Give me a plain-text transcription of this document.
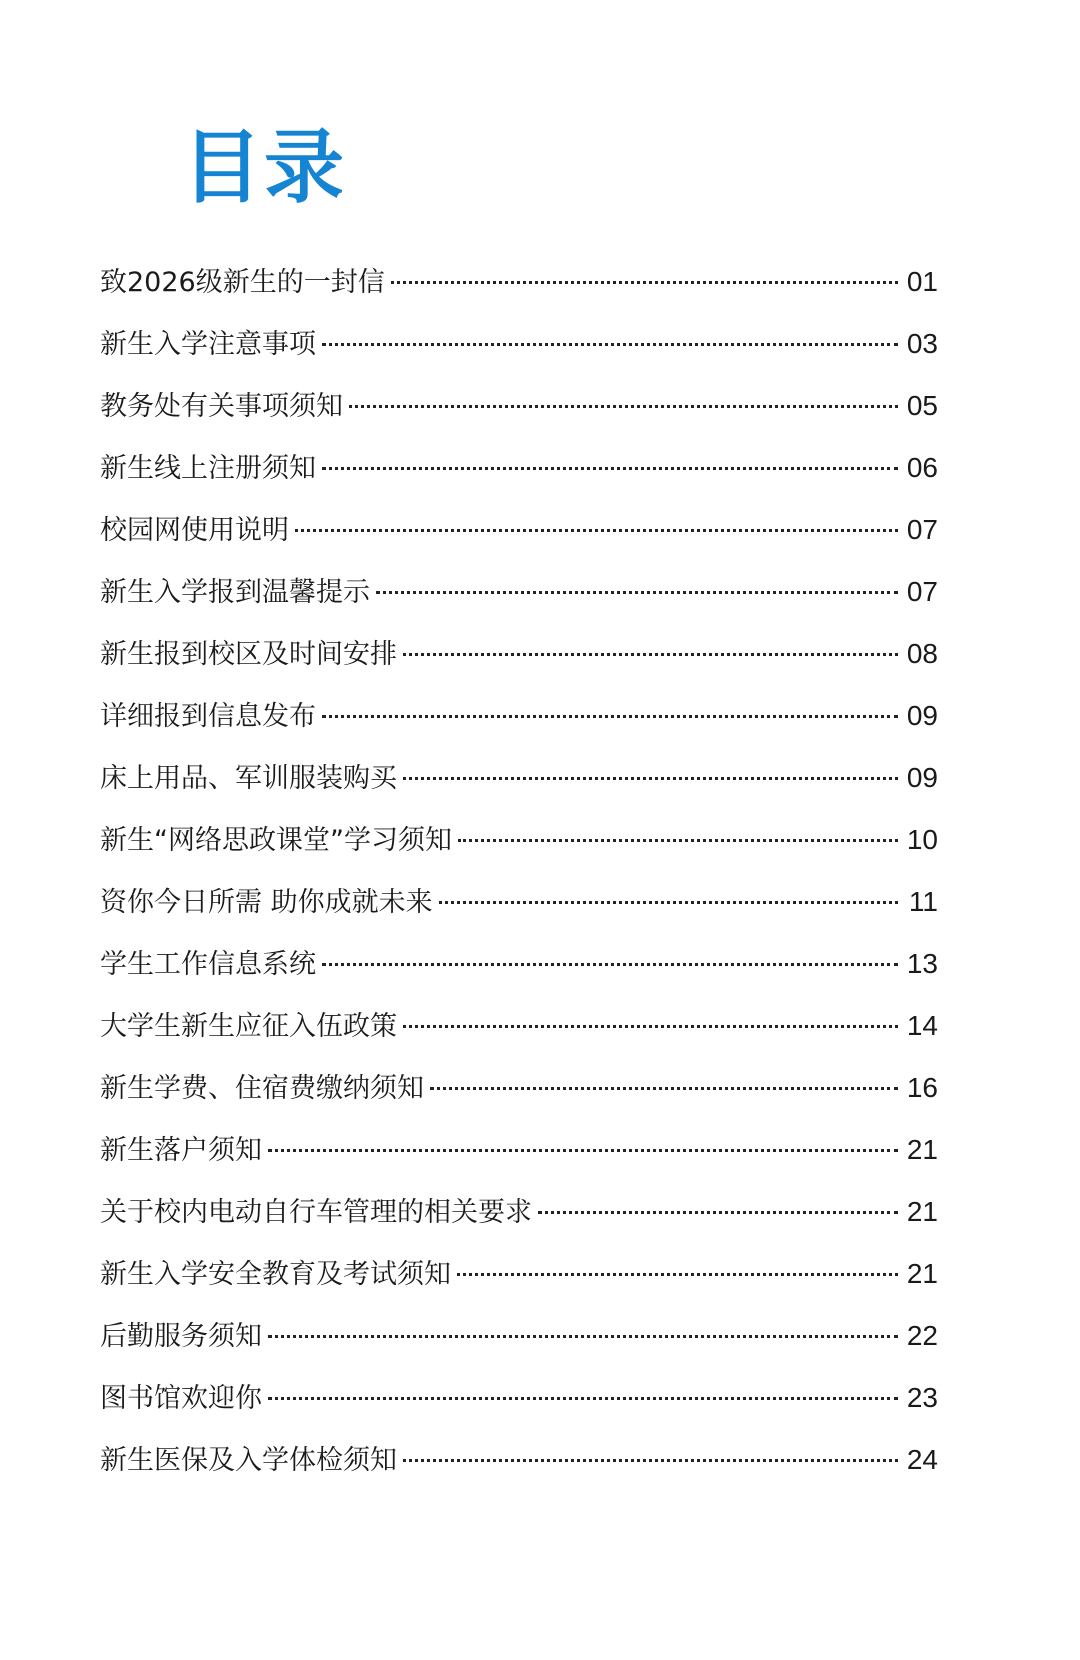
目录
致2026级新生的一封信	01
新生入学注意事项	03
教务处有关事项须知	05
新生线上注册须知	06
校园网使用说明	07
新生入学报到温馨提示	07
新生报到校区及时间安排	08
详细报到信息发布	09
床上用品、军训服装购买	09
新生“网络思政课堂”学习须知	10
资你今日所需 助你成就未来	11
学生工作信息系统	13
大学生新生应征入伍政策	14
新生学费、住宿费缴纳须知	16
新生落户须知	21
关于校内电动自行车管理的相关要求	21
新生入学安全教育及考试须知	21
后勤服务须知	22
图书馆欢迎你	23
新生医保及入学体检须知	24
